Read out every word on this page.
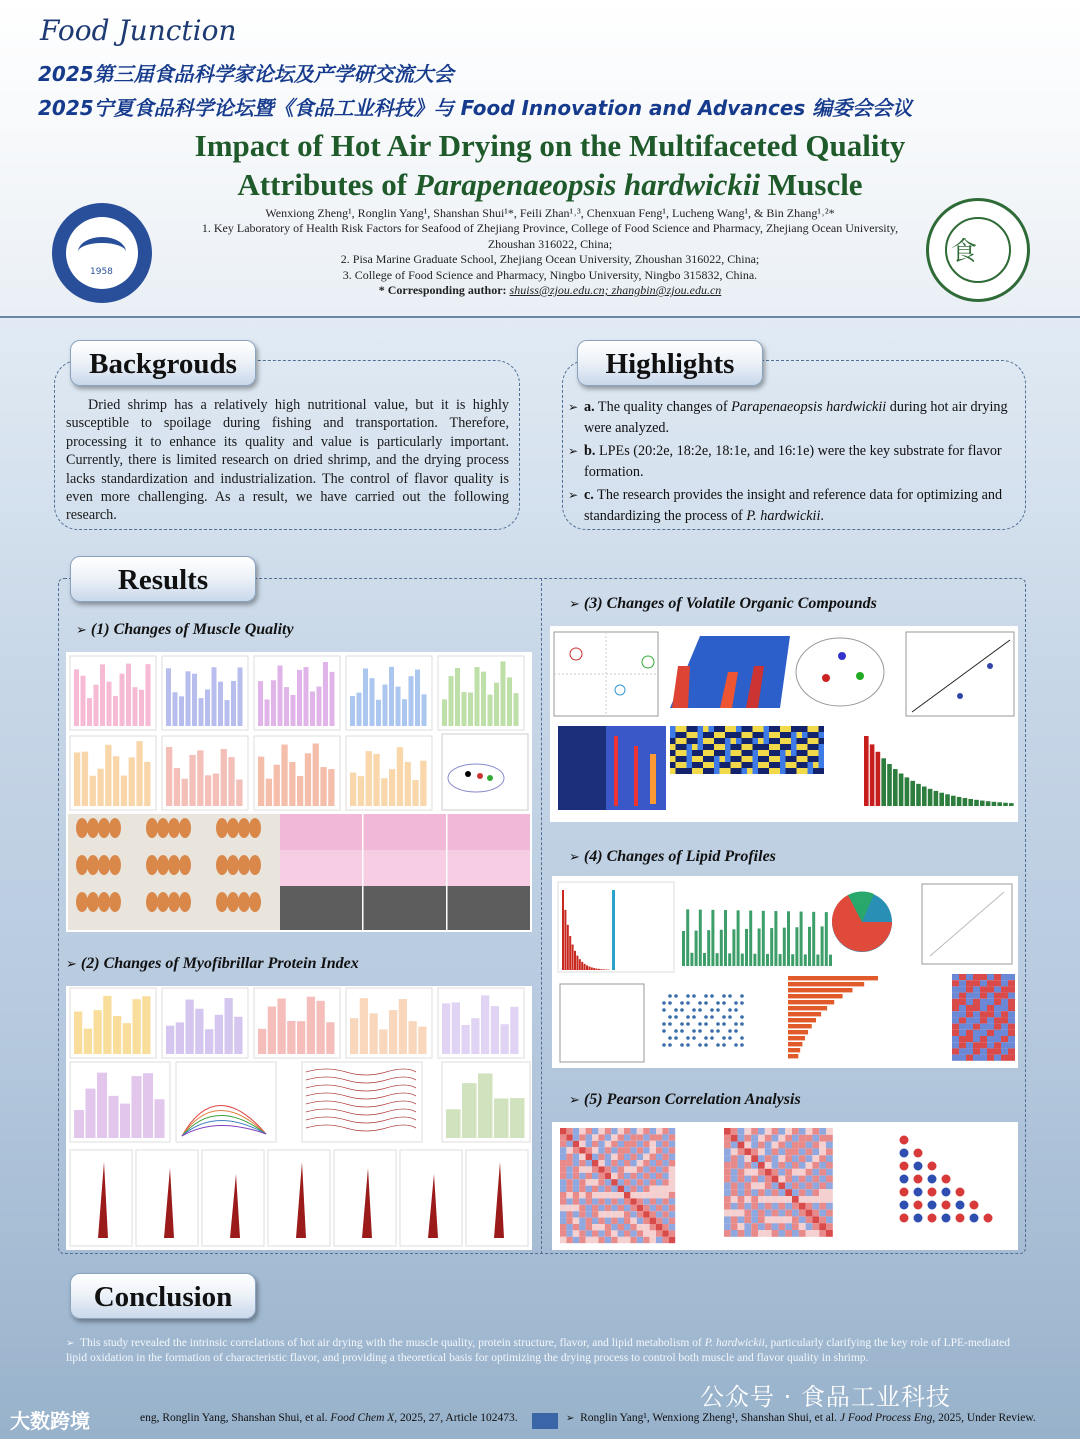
Food Junction
2025第三届食品科学家论坛及产学研交流大会
2025宁夏食品科学论坛暨《食品工业科技》与 Food Innovation and Advances 编委会会议
Impact of Hot Air Drying on the Multifaceted Quality
Attributes of Parapenaeopsis hardwickii Muscle
1958
食
Wenxiong Zheng¹, Ronglin Yang¹, Shanshan Shui¹*, Feili Zhan¹˒³, Chenxuan Feng¹, Lucheng Wang¹, & Bin Zhang¹˒²*
1. Key Laboratory of Health Risk Factors for Seafood of Zhejiang Province, College of Food Science and Pharmacy, Zhejiang Ocean University, Zhoushan 316022, China;
2. Pisa Marine Graduate School, Zhejiang Ocean University, Zhoushan 316022, China;
3. College of Food Science and Pharmacy, Ningbo University, Ningbo 315832, China.
* Corresponding author: shuiss@zjou.edu.cn; zhangbin@zjou.edu.cn
Backgrouds
Dried shrimp has a relatively high nutritional value, but it is highly susceptible to spoilage during fishing and transportation. Therefore, processing it to enhance its quality and value is particularly important. Currently, there is limited research on dried shrimp, and the drying process lacks standardization and industrialization. The control of flavor quality is even more challenging. As a result, we have carried out the following research.
Highlights
➢ a. The quality changes of Parapenaeopsis hardwickii during hot air drying were analyzed.
➢ b. LPEs (20:2e, 18:2e, 18:1e, and 16:1e) were the key substrate for flavor formation.
➢ c. The research provides the insight and reference data for optimizing and standardizing the process of P. hardwickii.
Results
➢ (1) Changes of Muscle Quality
➢ (2) Changes of Myofibrillar Protein Index
➢ (3) Changes of Volatile Organic Compounds
➢ (4) Changes of Lipid Profiles
➢ (5) Pearson Correlation Analysis
Conclusion
➢ This study revealed the intrinsic correlations of hot air drying with the muscle quality, protein structure, flavor, and lipid metabolism of P. hardwickii, particularly clarifying the key role of LPE-mediated lipid oxidation in the formation of characteristic flavor, and providing a theoretical basis for optimizing the drying process to control both muscle and flavor quality in shrimp.
eng, Ronglin Yang, Shanshan Shui, et al. Food Chem X, 2025, 27, Article 102473.	➢ Ronglin Yang¹, Wenxiong Zheng¹, Shanshan Shui, et al. J Food Process Eng, 2025, Under Review.
公众号 · 食品工业科技
大数跨境
